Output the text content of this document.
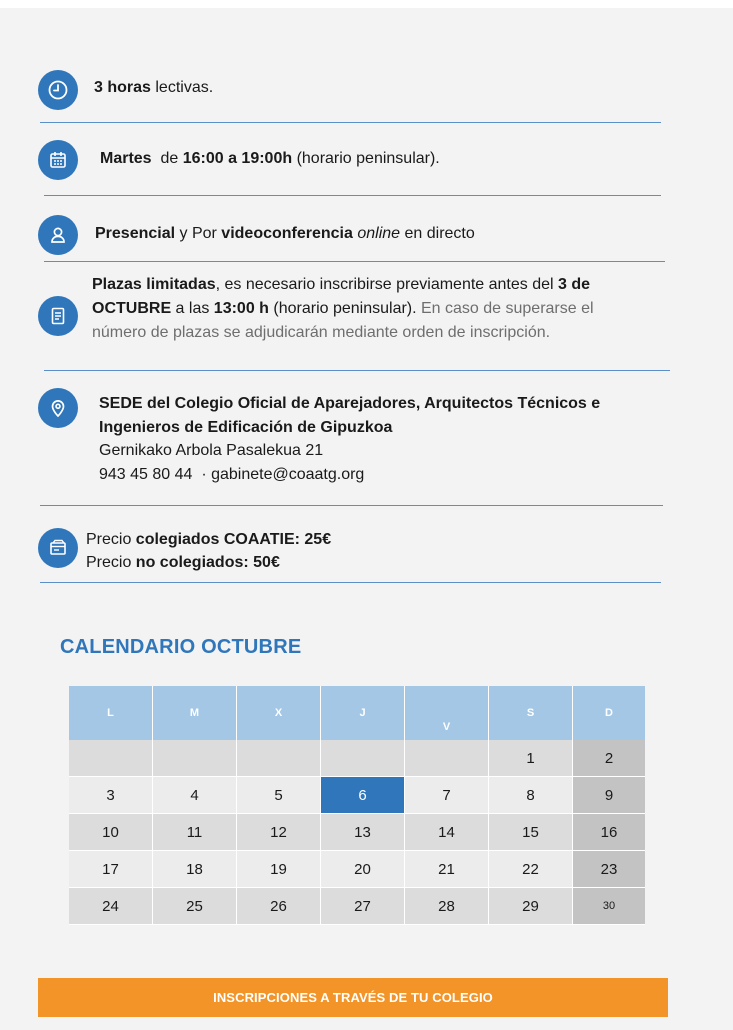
3 horas lectivas.
Martes  de 16:00 a 19:00h (horario peninsular).
Presencial y Por videoconferencia online en directo
Plazas limitadas, es necesario inscribirse previamente antes del 3 de OCTUBRE a las 13:00 h (horario peninsular). En caso de superarse el número de plazas se adjudicarán mediante orden de inscripción.
SEDE del Colegio Oficial de Aparejadores, Arquitectos Técnicos e Ingenieros de Edificación de Gipuzkoa
Gernikako Arbola Pasalekua 21
943 45 80 44  · gabinete@coaatg.org
Precio colegiados COAATIE: 25€
Precio no colegiados: 50€
CALENDARIO OCTUBRE
L	M	X	J	V	S	D
					1	2
3	4	5	6	7	8	9
10	11	12	13	14	15	16
17	18	19	20	21	22	23
24	25	26	27	28	29	30
INSCRIPCIONES A TRAVÉS DE TU COLEGIO
